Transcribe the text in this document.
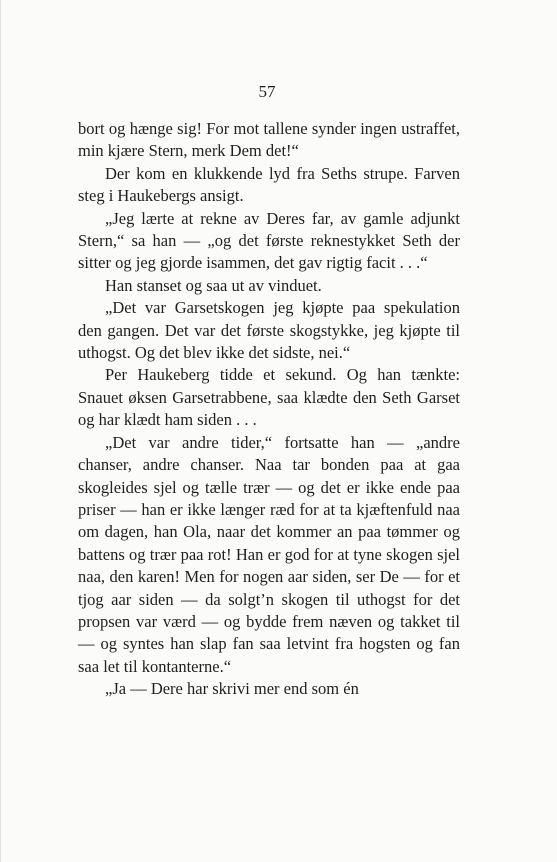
57

bort og hænge sig! For mot tallene synder ingen ustraffet, min kjære Stern, merk Dem det!“

Der kom en klukkende lyd fra Seths strupe. Farven steg i Haukebergs ansigt.

„Jeg lærte at rekne av Deres far, av gamle adjunkt Stern,“ sa han — „og det første reknestykket Seth der sitter og jeg gjorde isammen, det gav rigtig facit . . .“

Han stanset og saa ut av vinduet.

„Det var Garsetskogen jeg kjøpte paa spekulation den gangen. Det var det første skogstykke, jeg kjøpte til uthogst. Og det blev ikke det sidste, nei.“

Per Haukeberg tidde et sekund. Og han tænkte: Snauet øksen Garsetrabbene, saa klædte den Seth Garset og har klædt ham siden . . .

„Det var andre tider,“ fortsatte han — „andre chanser, andre chanser. Naa tar bonden paa at gaa skogleides sjel og tælle trær — og det er ikke ende paa priser — han er ikke længer ræd for at ta kjæftenfuld naa om dagen, han Ola, naar det kommer an paa tømmer og battens og trær paa rot! Han er god for at tyne skogen sjel naa, den karen! Men for nogen aar siden, ser De — for et tjog aar siden — da solgt’n skogen til uthogst for det propsen var værd — og bydde frem næven og takket til — og syntes han slap fan saa letvint fra hogsten og fan saa let til kontanterne.“

„Ja — Dere har skrivi mer end som én
